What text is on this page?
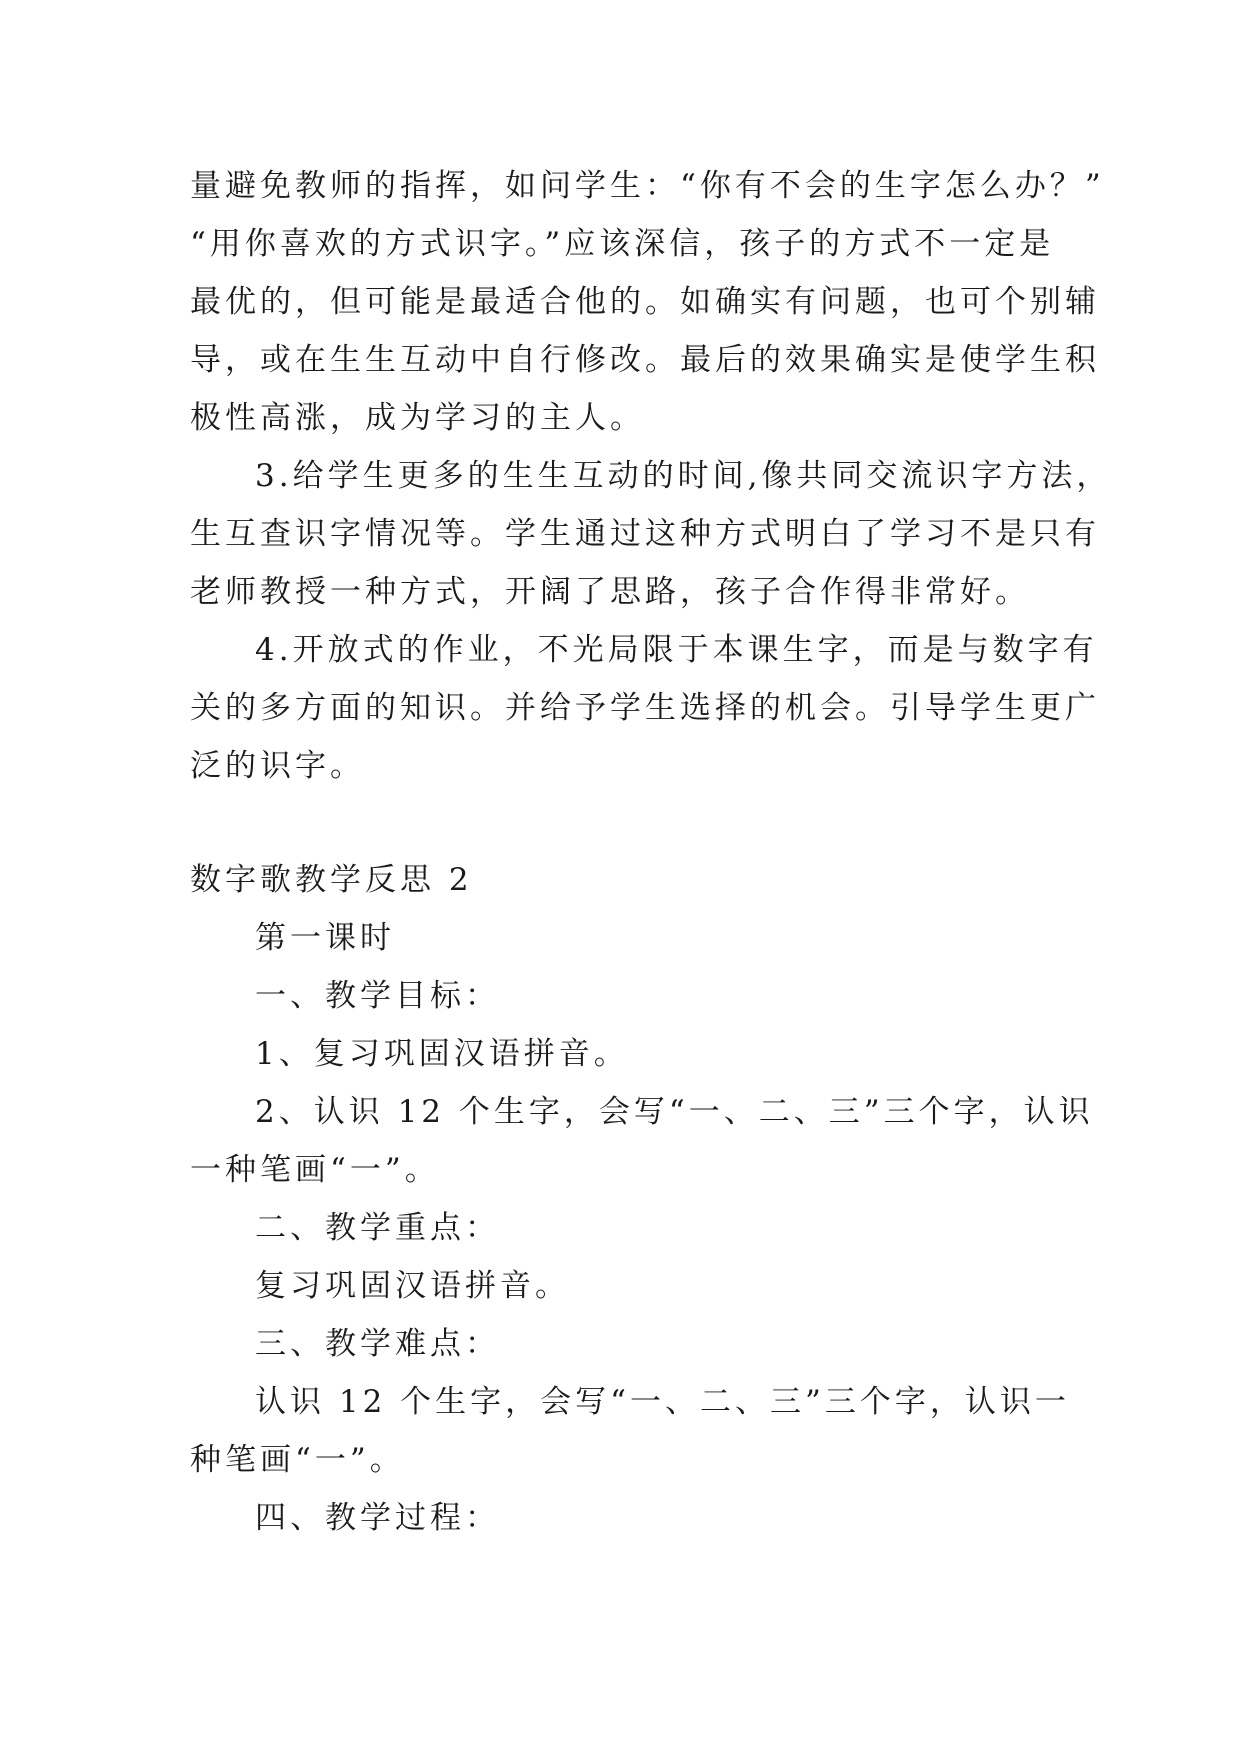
量避免教师的指挥，如问学生：“你有不会的生字怎么办？”
“用你喜欢的方式识字。”应该深信，孩子的方式不一定是
最优的，但可能是最适合他的。如确实有问题，也可个别辅
导，或在生生互动中自行修改。最后的效果确实是使学生积
极性高涨，成为学习的主人。
3.给学生更多的生生互动的时间,像共同交流识字方法，
生互查识字情况等。学生通过这种方式明白了学习不是只有
老师教授一种方式，开阔了思路，孩子合作得非常好。
4.开放式的作业，不光局限于本课生字，而是与数字有
关的多方面的知识。并给予学生选择的机会。引导学生更广
泛的识字。
数字歌教学反思 2
第一课时
一、教学目标：
1、复习巩固汉语拼音。
2、认识 12 个生字，会写“一、二、三”三个字，认识
一种笔画“一”。
二、教学重点：
复习巩固汉语拼音。
三、教学难点：
认识 12 个生字，会写“一、二、三”三个字，认识一
种笔画“一”。
四、教学过程：
